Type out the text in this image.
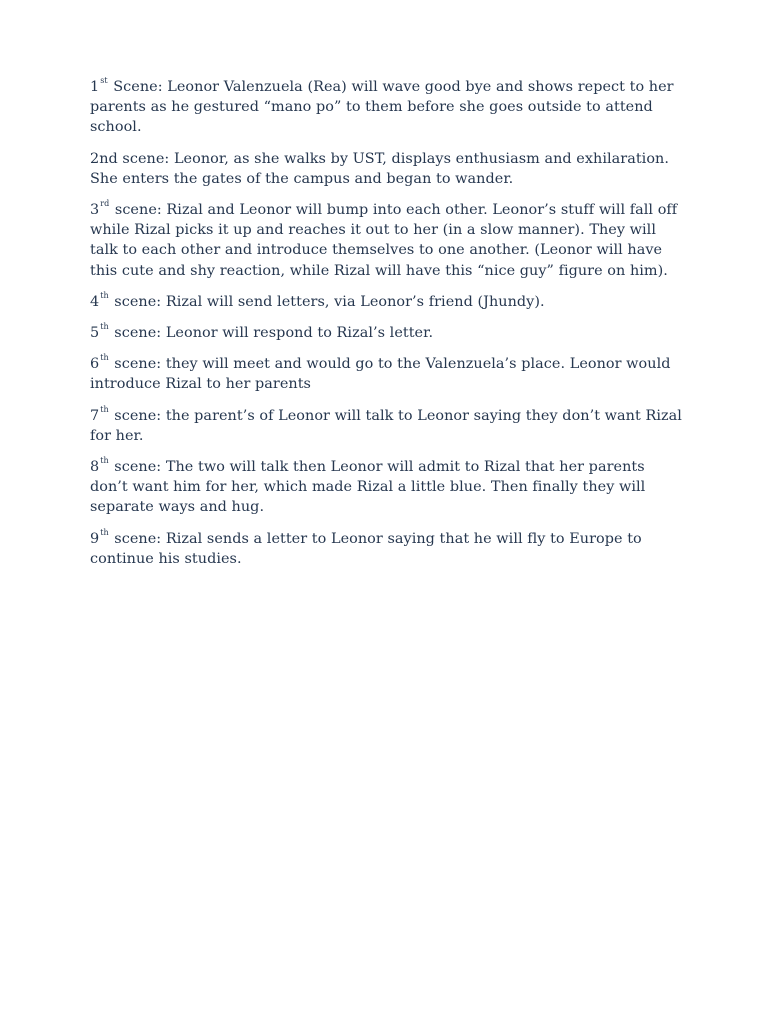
1st Scene: Leonor Valenzuela (Rea) will wave good bye and shows repect to her parents as he gestured “mano po” to them before she goes outside to attend school.

2nd scene: Leonor, as she walks by UST, displays enthusiasm and exhilaration. She enters the gates of the campus and began to wander.

3rd scene: Rizal and Leonor will bump into each other. Leonor’s stuff will fall off while Rizal picks it up and reaches it out to her (in a slow manner). They will talk to each other and introduce themselves to one another. (Leonor will have this cute and shy reaction, while Rizal will have this “nice guy” figure on him).

4th scene: Rizal will send letters, via Leonor’s friend (Jhundy).

5th scene: Leonor will respond to Rizal’s letter.

6th scene: they will meet and would go to the Valenzuela’s place. Leonor would introduce Rizal to her parents

7th scene: the parent’s of Leonor will talk to Leonor saying they don’t want Rizal for her.

8th scene: The two will talk then Leonor will admit to Rizal that her parents don’t want him for her, which made Rizal a little blue. Then finally they will separate ways and hug.

9th scene: Rizal sends a letter to Leonor saying that he will fly to Europe to continue his studies.
